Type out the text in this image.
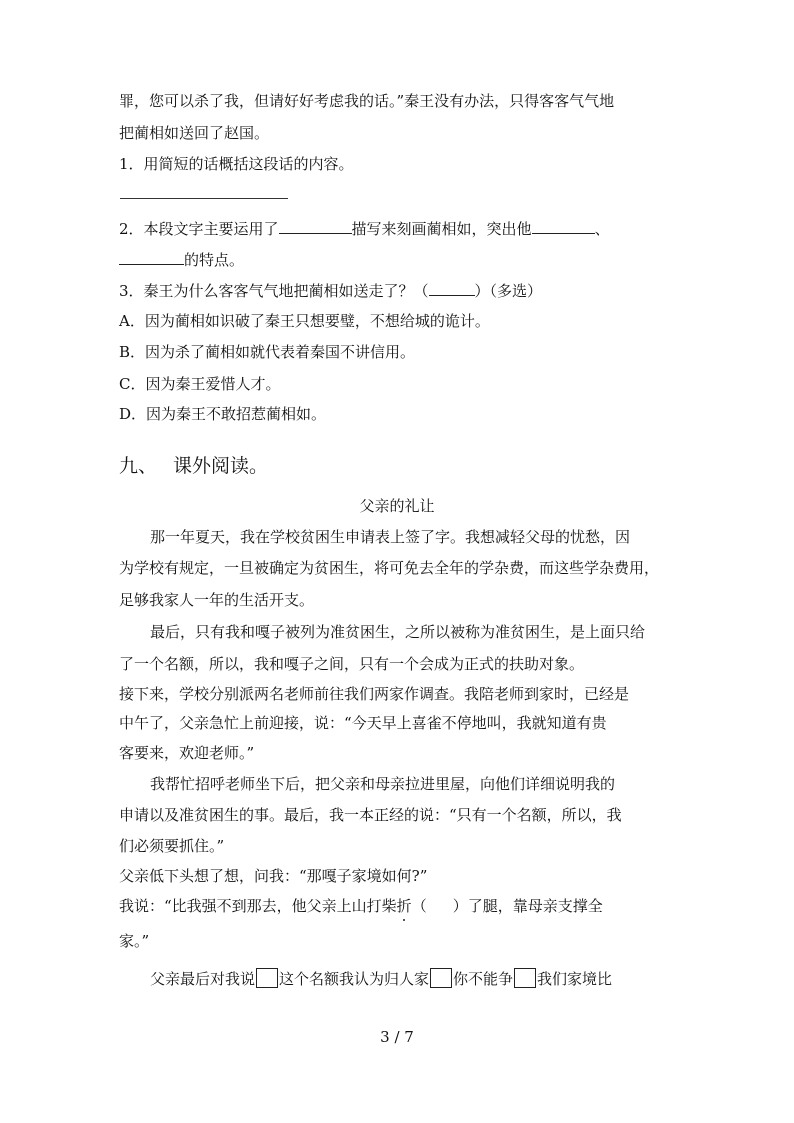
罪，您可以杀了我，但请好好考虑我的话。”秦王没有办法，只得客客气气地
把蔺相如送回了赵国。
1．用简短的话概括这段话的内容。
2．本段文字主要运用了	描写来刻画蔺相如，突出他	、
的特点。
3．秦王为什么客客气气地把蔺相如送走了？（	）（多选）
A．因为蔺相如识破了秦王只想要璧，不想给城的诡计。
B．因为杀了蔺相如就代表着秦国不讲信用。
C．因为秦王爱惜人才。
D．因为秦王不敢招惹蔺相如。
九、 课外阅读。
父亲的礼让
那一年夏天，我在学校贫困生申请表上签了字。我想减轻父母的忧愁，因
为学校有规定，一旦被确定为贫困生，将可免去全年的学杂费，而这些学杂费用，
足够我家人一年的生活开支。
最后，只有我和嘎子被列为准贫困生，之所以被称为准贫困生，是上面只给
了一个名额，所以，我和嘎子之间，只有一个会成为正式的扶助对象。
接下来，学校分别派两名老师前往我们两家作调查。我陪老师到家时，已经是
中午了，父亲急忙上前迎接，说：“今天早上喜雀不停地叫，我就知道有贵
客要来，欢迎老师。”
我帮忙招呼老师坐下后，把父亲和母亲拉进里屋，向他们详细说明我的
申请以及准贫困生的事。最后，我一本正经的说：“只有一个名额，所以，我
们必须要抓住。”
父亲低下头想了想，问我：“那嘎子家境如何?”
我说：“比我强不到那去，他父亲上山打柴折（ ）了腿，靠母亲支撑全
家。”
父亲最后对我说 这个名额我认为归人家 你不能争 我们家境比
3 / 7
